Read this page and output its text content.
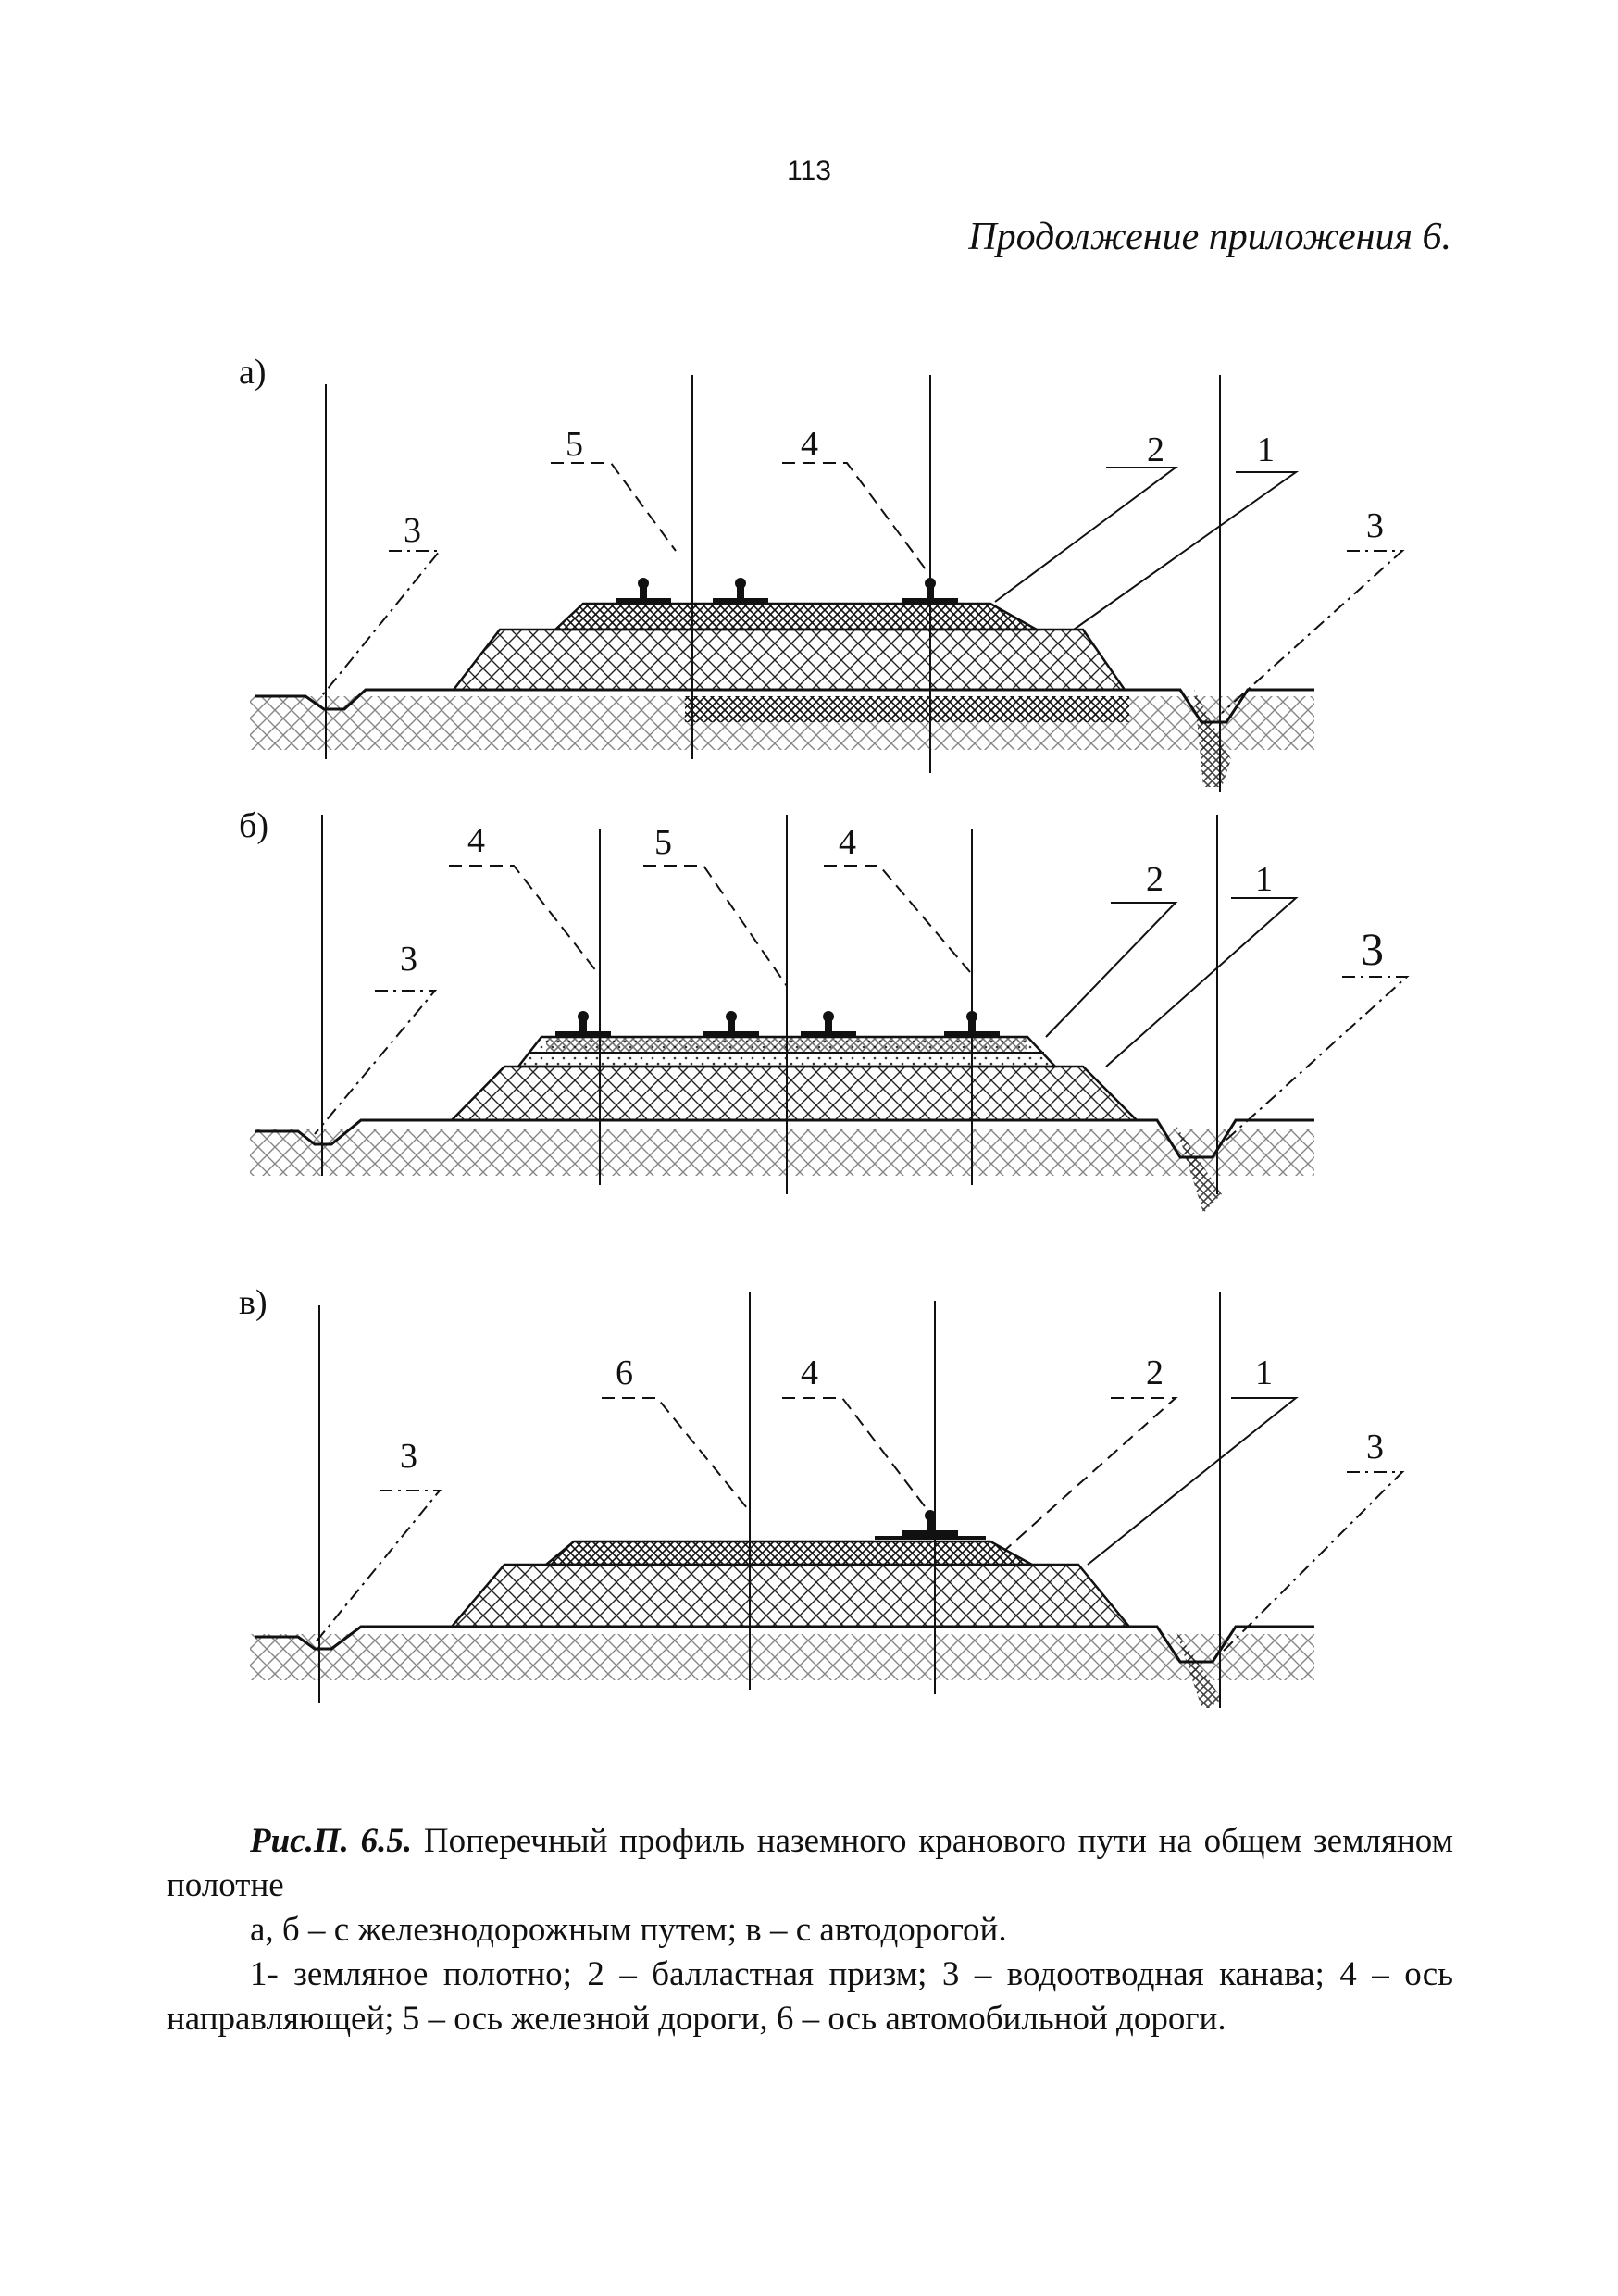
113
Продолжение приложения 6.
а)
5	4	2	1
3	3
б)	4	5	4
2	1
3	3
в)
6	4	2	1
3	3

Рис.П. 6.5. Поперечный профиль наземного кранового пути на общем земляном полотне

а, б – с железнодорожным путем; в – с автодорогой.

1- земляное полотно; 2 – балластная призм; 3 – водоотводная канава; 4 – ось направляющей; 5 – ось железной дороги, 6 – ось автомобильной дороги.
